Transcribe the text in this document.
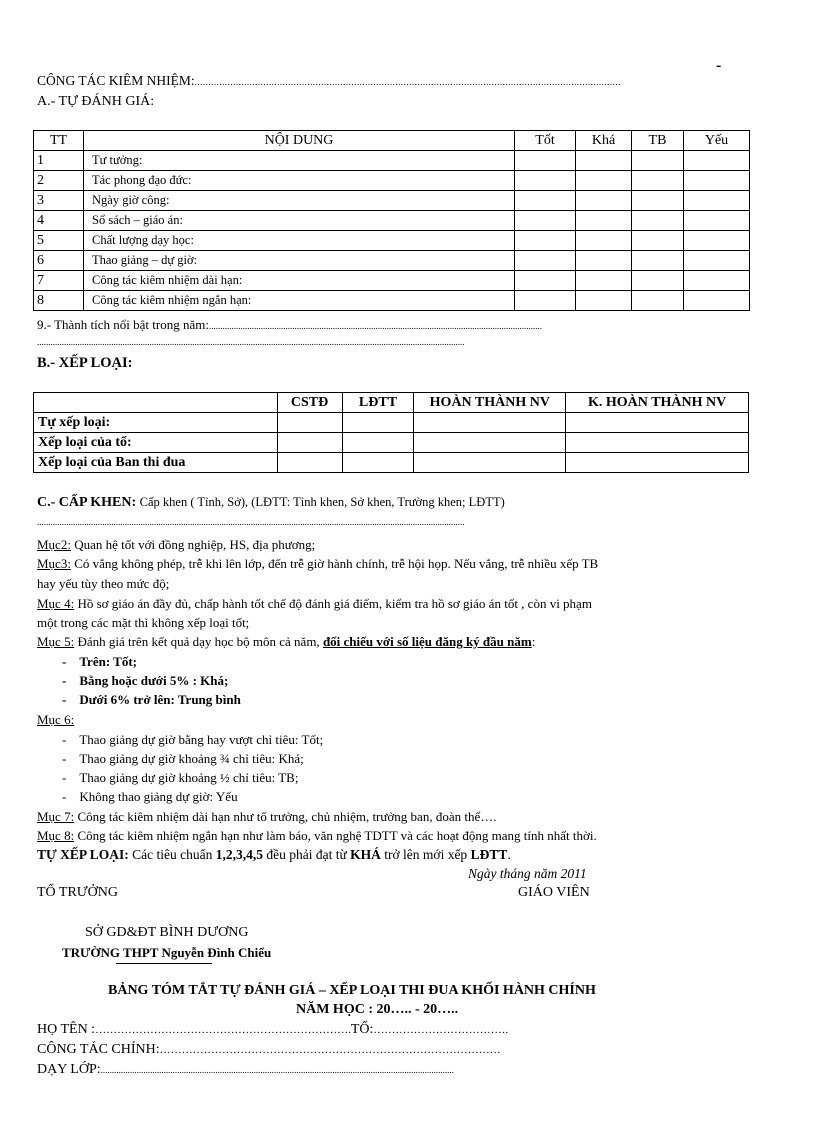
-
CÔNG TÁC KIÊM NHIỆM:...........................................................................................................................................................
A.- TỰ ĐÁNH GIÁ:
TT	NỘI DUNG	Tốt	Khá	TB	Yếu
1	Tư tưởng:				
2	Tác phong đạo đức:				
3	Ngày giờ công:				
4	Sổ sách – giáo án:				
5	Chất lượng dạy học:				
6	Thao giảng – dự giờ:				
7	Công tác kiêm nhiệm dài hạn:				
8	Công tác kiêm nhiệm ngắn hạn:				
9.- Thành tích nổi bật trong năm:....................................................................................................................................................
..............................................................................................................................................................................................
B.- XẾP LOẠI:
	CSTĐ	LĐTT	HOÀN THÀNH NV	K. HOÀN THÀNH NV
Tự xếp loại:				
Xếp loại của tổ:				
Xếp loại của Ban thi đua				
C.- CẤP KHEN: Cấp khen ( Tỉnh, Sở), (LĐTT: Tỉnh khen, Sở khen, Trường khen; LĐTT)
..............................................................................................................................................................................................
Mục2: Quan hệ tốt với đồng nghiệp, HS, địa phương;
Mục3: Có vắng không phép, trễ khi lên lớp, đến trễ giờ hành chính, trễ hội họp. Nếu vắng, trễ nhiều xếp TB
hay yếu tùy theo mức độ;
Mục 4: Hồ sơ giáo án đầy đủ, chấp hành tốt chế độ đánh giá điểm, kiểm tra hồ sơ giáo án tốt , còn vi phạm
một trong các mặt thì không xếp loại tốt;
Mục 5: Đánh giá trên kết quả dạy học bộ môn cả năm, đối chiếu với số liệu đăng ký đầu năm:
-    Trên: Tốt;
-    Bằng hoặc dưới 5% : Khá;
-    Dưới 6% trở lên: Trung bình
Mục 6:
-    Thao giảng dự giờ bằng hay vượt chỉ tiêu: Tốt;
-    Thao giảng dự giờ khoảng ¾ chỉ tiêu: Khá;
-    Thao giảng dự giờ khoảng ½ chỉ tiêu: TB;
-    Không thao giảng dự giờ: Yếu
Mục 7: Công tác kiêm nhiệm dài hạn như tổ trưởng, chủ nhiệm, trưởng ban, đoàn thể….
Mục 8: Công tác kiêm nhiệm ngắn hạn như làm báo, văn nghệ TDTT và các hoạt động mang tính nhất thời.
TỰ XẾP LOẠI: Các tiêu chuẩn 1,2,3,4,5 đều phải đạt từ KHÁ trở lên mới xếp LĐTT.
Ngày tháng năm 2011
TỔ TRƯỞNG	GIÁO VIÊN
SỞ GD&ĐT BÌNH DƯƠNG
TRƯỜNG THPT Nguyễn Đình Chiểu
BẢNG TÓM TẮT TỰ ĐÁNH GIÁ – XẾP LOẠI THI ĐUA KHỐI HÀNH CHÍNH
NĂM HỌC : 20….. - 20…..
HỌ TÊN :…………………………………………………………….TỔ:……………………………….
CÔNG TÁC CHÍNH:…………………………………………………………………………………
DẠY LỚP:.............................................................................................................................................................
